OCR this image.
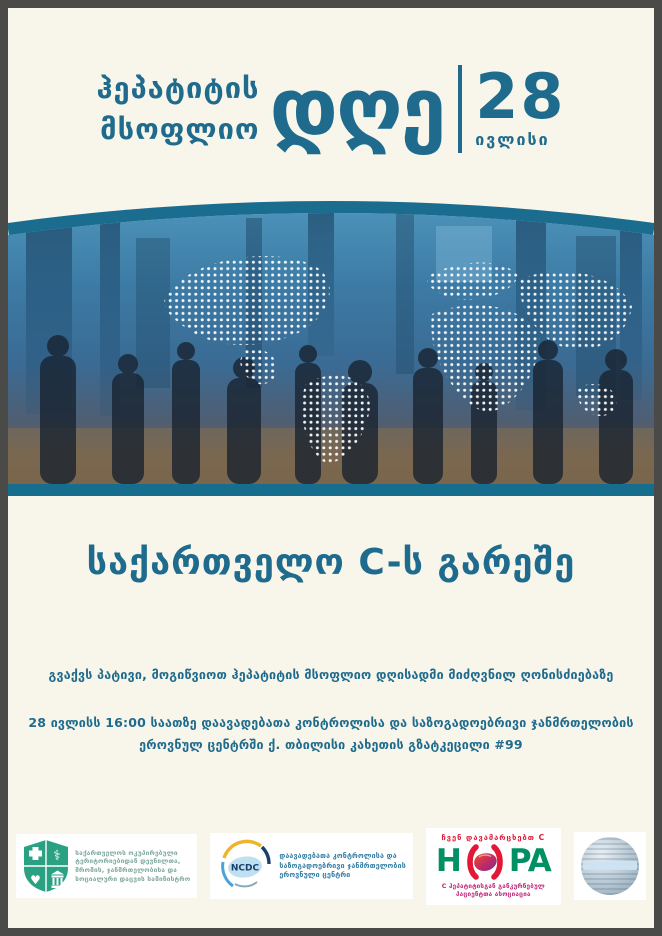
ჰეპატიტის
მსოფლიო დღე 28
ივლისი
საქართველო C-ს გარეშე
გვაქვს პატივი, მოგიწვიოთ ჰეპატიტის მსოფლიო დღისადმი მიძღვნილ ღონისძიებაზე
28 ივლისს 16:00 საათზე დაავადებათა კონტროლისა და საზოგადოებრივი ჯანმრთელობის
ეროვნულ ცენტრში ქ. თბილისი კახეთის გზატკეცილი #99
⚕
♥
საქართველოს ოკუპირებული
ტერიტორიებიდან დევნილთა,
შრომის, ჯანმრთელობისა და
სოციალური დაცვის სამინისტრო
NCDC
დაავადებათა კონტროლისა და
საზოგადოებრივი ჯანმრთელობის
ეროვნული ცენტრი
ჩვენ დავამარცხებთ C
H PA
C ჰეპატიტისგან განკურნებულ
პაციენტთა ასოციაცია
